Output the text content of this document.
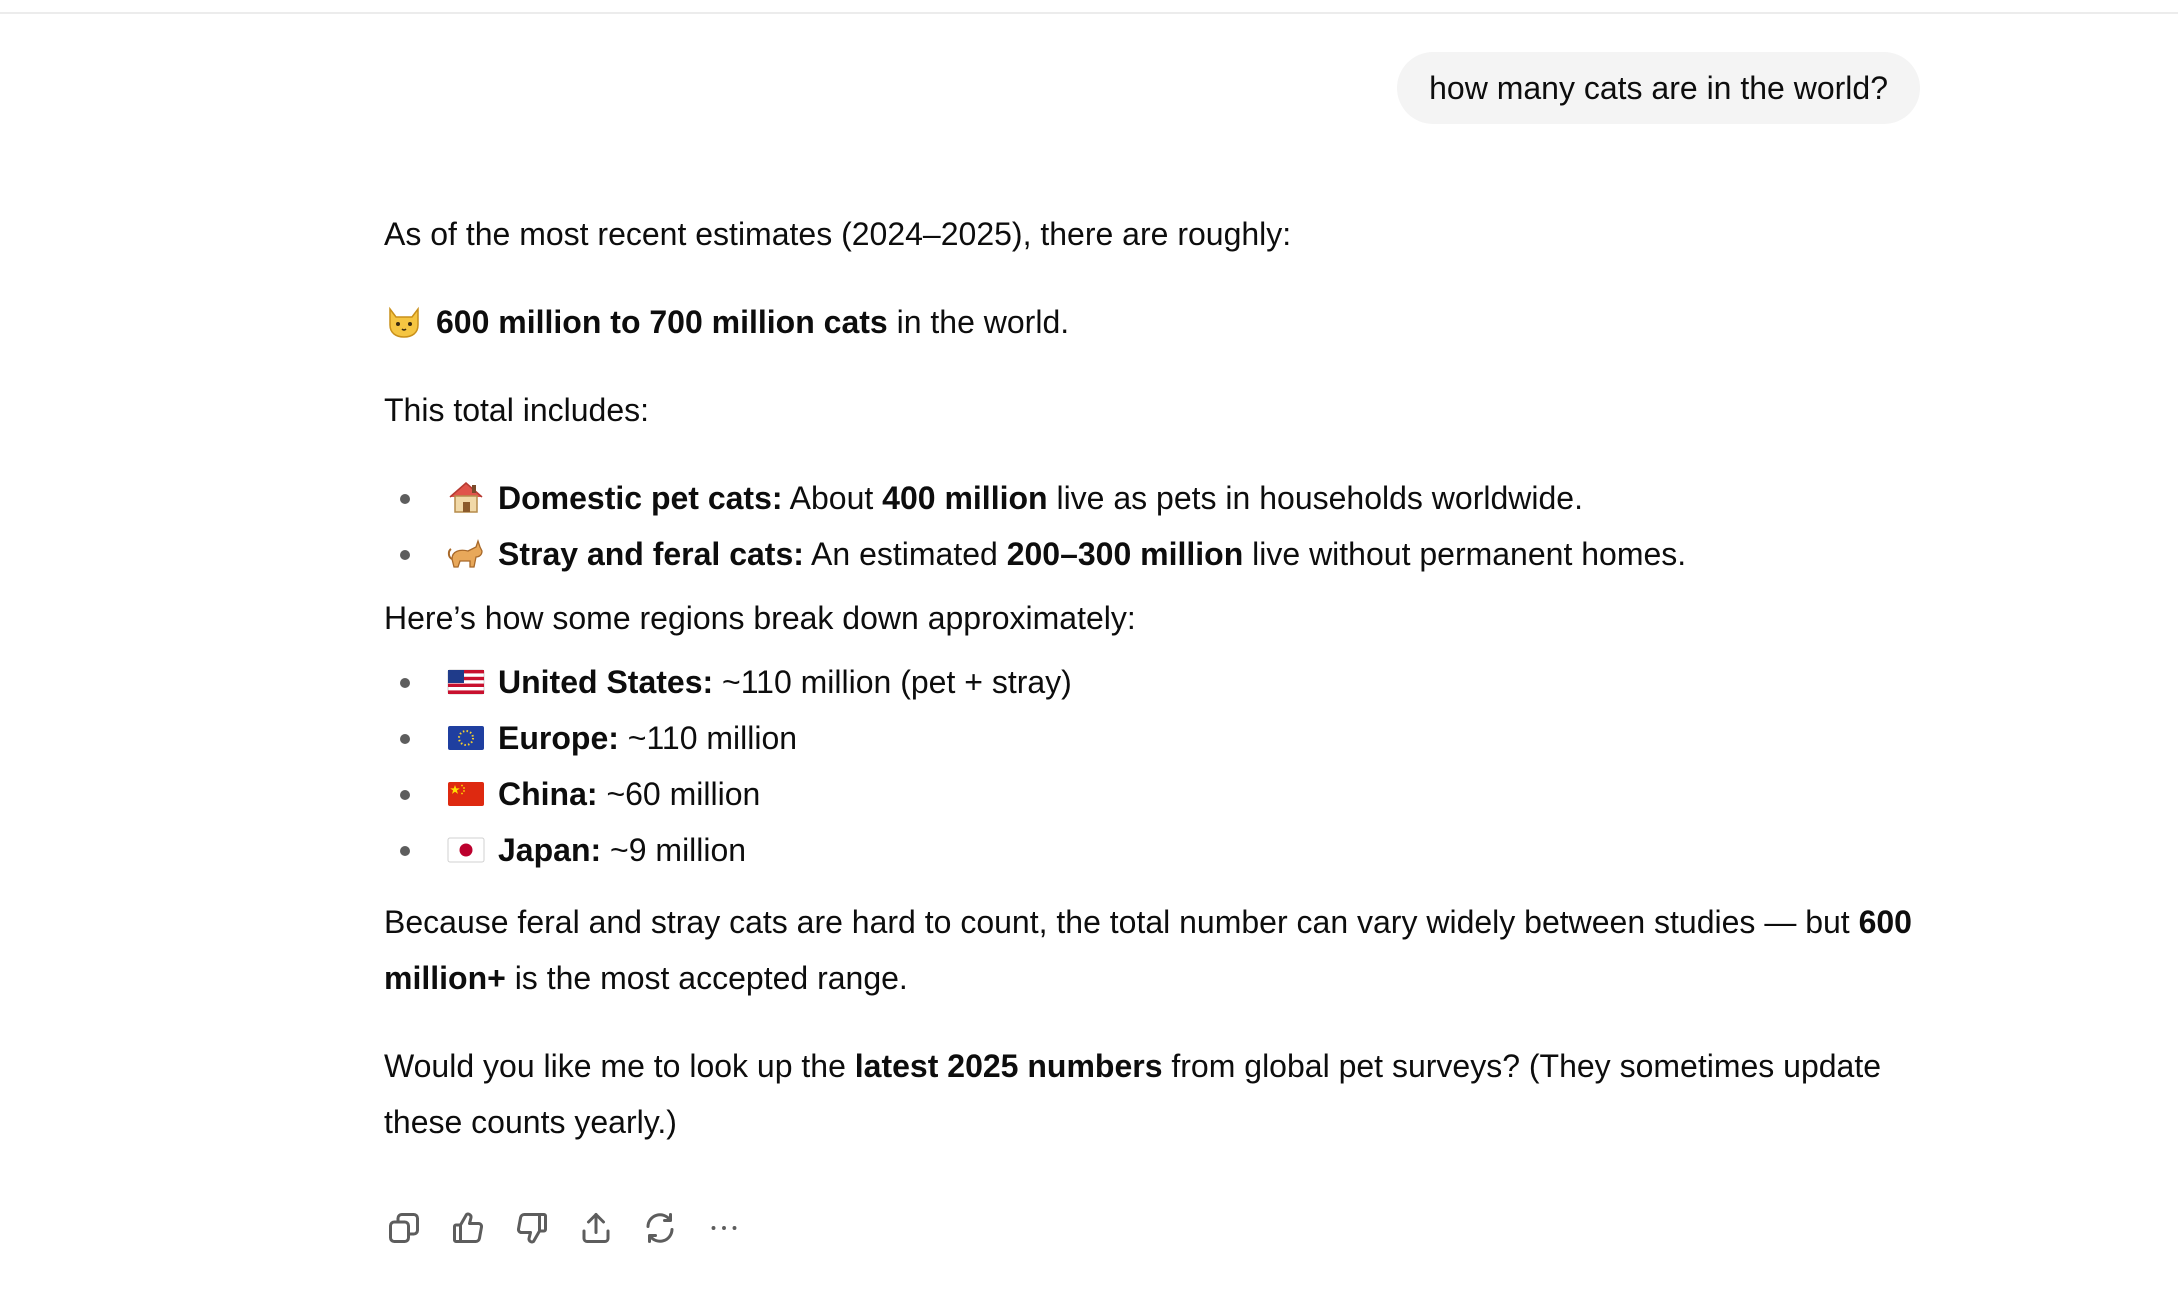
how many cats are in the world?

As of the most recent estimates (2024–2025), there are roughly:

600 million to 700 million cats in the world.

This total includes:

Domestic pet cats: About 400 million live as pets in households worldwide.
Stray and feral cats: An estimated 200–300 million live without permanent homes.

Here’s how some regions break down approximately:

United States: ~110 million (pet + stray)
Europe: ~110 million
China: ~60 million
Japan: ~9 million

Because feral and stray cats are hard to count, the total number can vary widely between studies — but 600 million+ is the most accepted range.

Would you like me to look up the latest 2025 numbers from global pet surveys? (They sometimes update these counts yearly.)
